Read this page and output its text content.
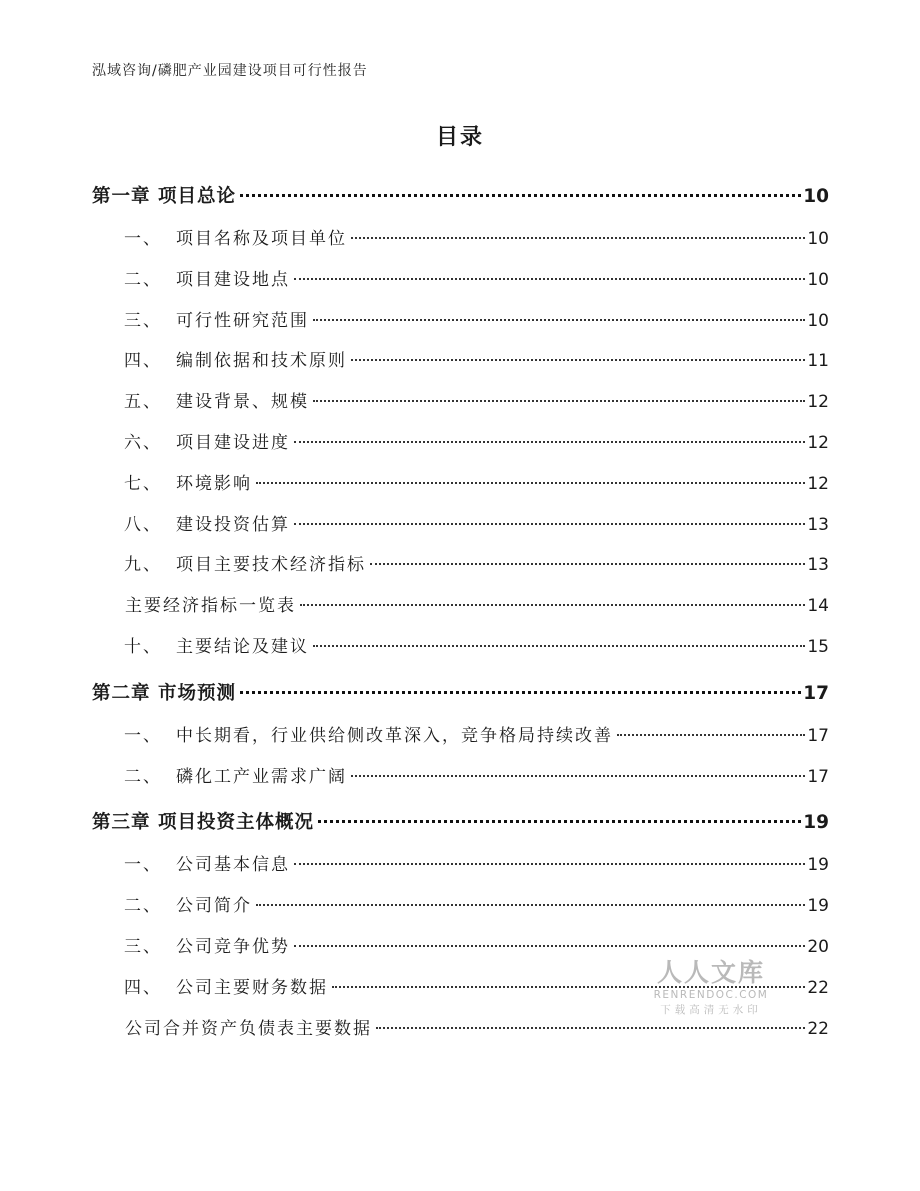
泓域咨询/磷肥产业园建设项目可行性报告
目录
第一章 项目总论	10
一、 项目名称及项目单位	10
二、 项目建设地点	10
三、 可行性研究范围	10
四、 编制依据和技术原则	11
五、 建设背景、规模	12
六、 项目建设进度	12
七、 环境影响	12
八、 建设投资估算	13
九、 项目主要技术经济指标	13
主要经济指标一览表	14
十、 主要结论及建议	15
第二章 市场预测	17
一、 中长期看，行业供给侧改革深入，竞争格局持续改善	17
二、 磷化工产业需求广阔	17
第三章 项目投资主体概况	19
一、 公司基本信息	19
二、 公司简介	19
三、 公司竞争优势	20
四、 公司主要财务数据	22
公司合并资产负债表主要数据	22
人人文库
RENRENDOC.COM
下载高清无水印
